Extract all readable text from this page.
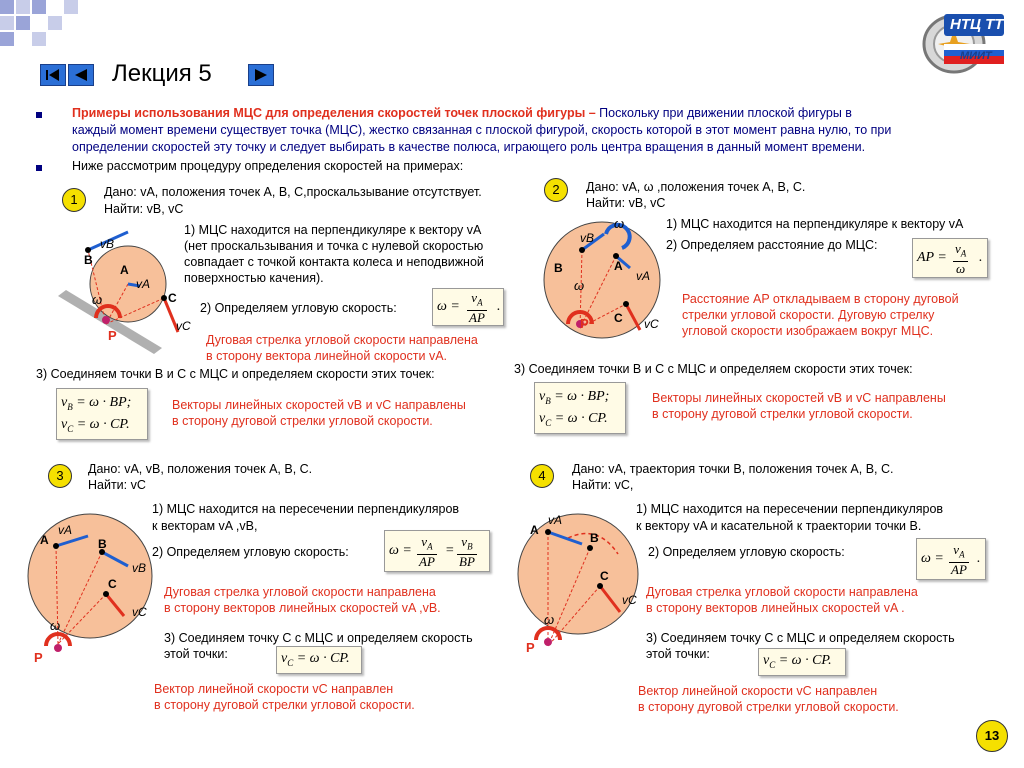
Лекция 5
НТЦ ТТ
МИИТ
Примеры использования МЦС для определения скоростей точек плоской фигуры – Поскольку при движении плоской фигуры в
каждый момент времени существует точка (МЦС), жестко связанная с плоской фигурой, скорость которой в этот момент равна нулю, то при
определении скоростей эту точку и следует выбирать в качестве полюса, играющего роль центра вращения в данный момент времени.
Ниже рассмотрим процедуру определения скоростей на примерах:
1	Дано: vA, положения точек A, B, C,проскальзывание отсутствует.
Найти: vB, vC
1) МЦС находится на перпендикуляре к вектору vA
(нет проскальзывания и точка с нулевой скоростью
совпадает с точкой контакта колеса и неподвижной
поверхностью качения).
2) Определяем угловую скорость:	$\omega = \frac{v_A}{AP}$ .
Дуговая стрелка угловой скорости направлена
в сторону вектора линейной скорости vA.
3) Соединяем точки B и C с МЦС и определяем скорости этих точек:
$v_B = \omega$ · BP;
$v_C = \omega$ · CP.
Векторы линейных скоростей vB и vC направлены
в сторону дуговой стрелки угловой скорости.
B
A
C
P
vB
vA
vC
ω
2	Дано: vA, ω ,положения точек A, B, C.
Найти: vB, vC
1) МЦС находится на перпендикуляре к вектору vA
2) Определяем расстояние до МЦС:
AP = $\frac{v_A}{\omega}$ .
Расстояние AP откладываем в сторону дуговой
стрелки угловой скорости. Дуговую стрелку
угловой скорости изображаем вокруг МЦС.
3) Соединяем точки B и C с МЦС и определяем скорости этих точек:
$v_B = \omega$ · BP;
$v_C = \omega$ · CP.
Векторы линейных скоростей vB и vC направлены
в сторону дуговой стрелки угловой скорости.
B	A
C
P
vB
vA
vC
ω
ω
3	Дано: vA, vB, положения точек A, B, C.
Найти: vC
1) МЦС находится на пересечении перпендикуляров
к векторам vA ,vB,
2) Определяем угловую скорость:	$\omega = \frac{v_A}{AP} = \frac{v_B}{BP}$
Дуговая стрелка угловой скорости направлена
в сторону векторов линейных скоростей vA ,vB.
3) Соединяем точку C с МЦС и определяем скорость
этой точки:	$v_C = \omega$ · CP.
Вектор линейной скорости vC направлен
в сторону дуговой стрелки угловой скорости.
A	B
C
P
vA
vB
vC
ω
4	Дано: vA, траектория точки B, положения точек A, B, C.
Найти: vC,
1) МЦС находится на пересечении перпендикуляров
к вектору vA и касательной к траектории точки B.
2) Определяем угловую скорость:	$\omega = \frac{v_A}{AP}$ .
Дуговая стрелка угловой скорости направлена
в сторону векторов линейных скоростей vA .
3) Соединяем точку C с МЦС и определяем скорость
этой точки:	$v_C = \omega$ · CP.
Вектор линейной скорости vC направлен
в сторону дуговой стрелки угловой скорости.
A
B
C
P
vA
vC
ω
13
